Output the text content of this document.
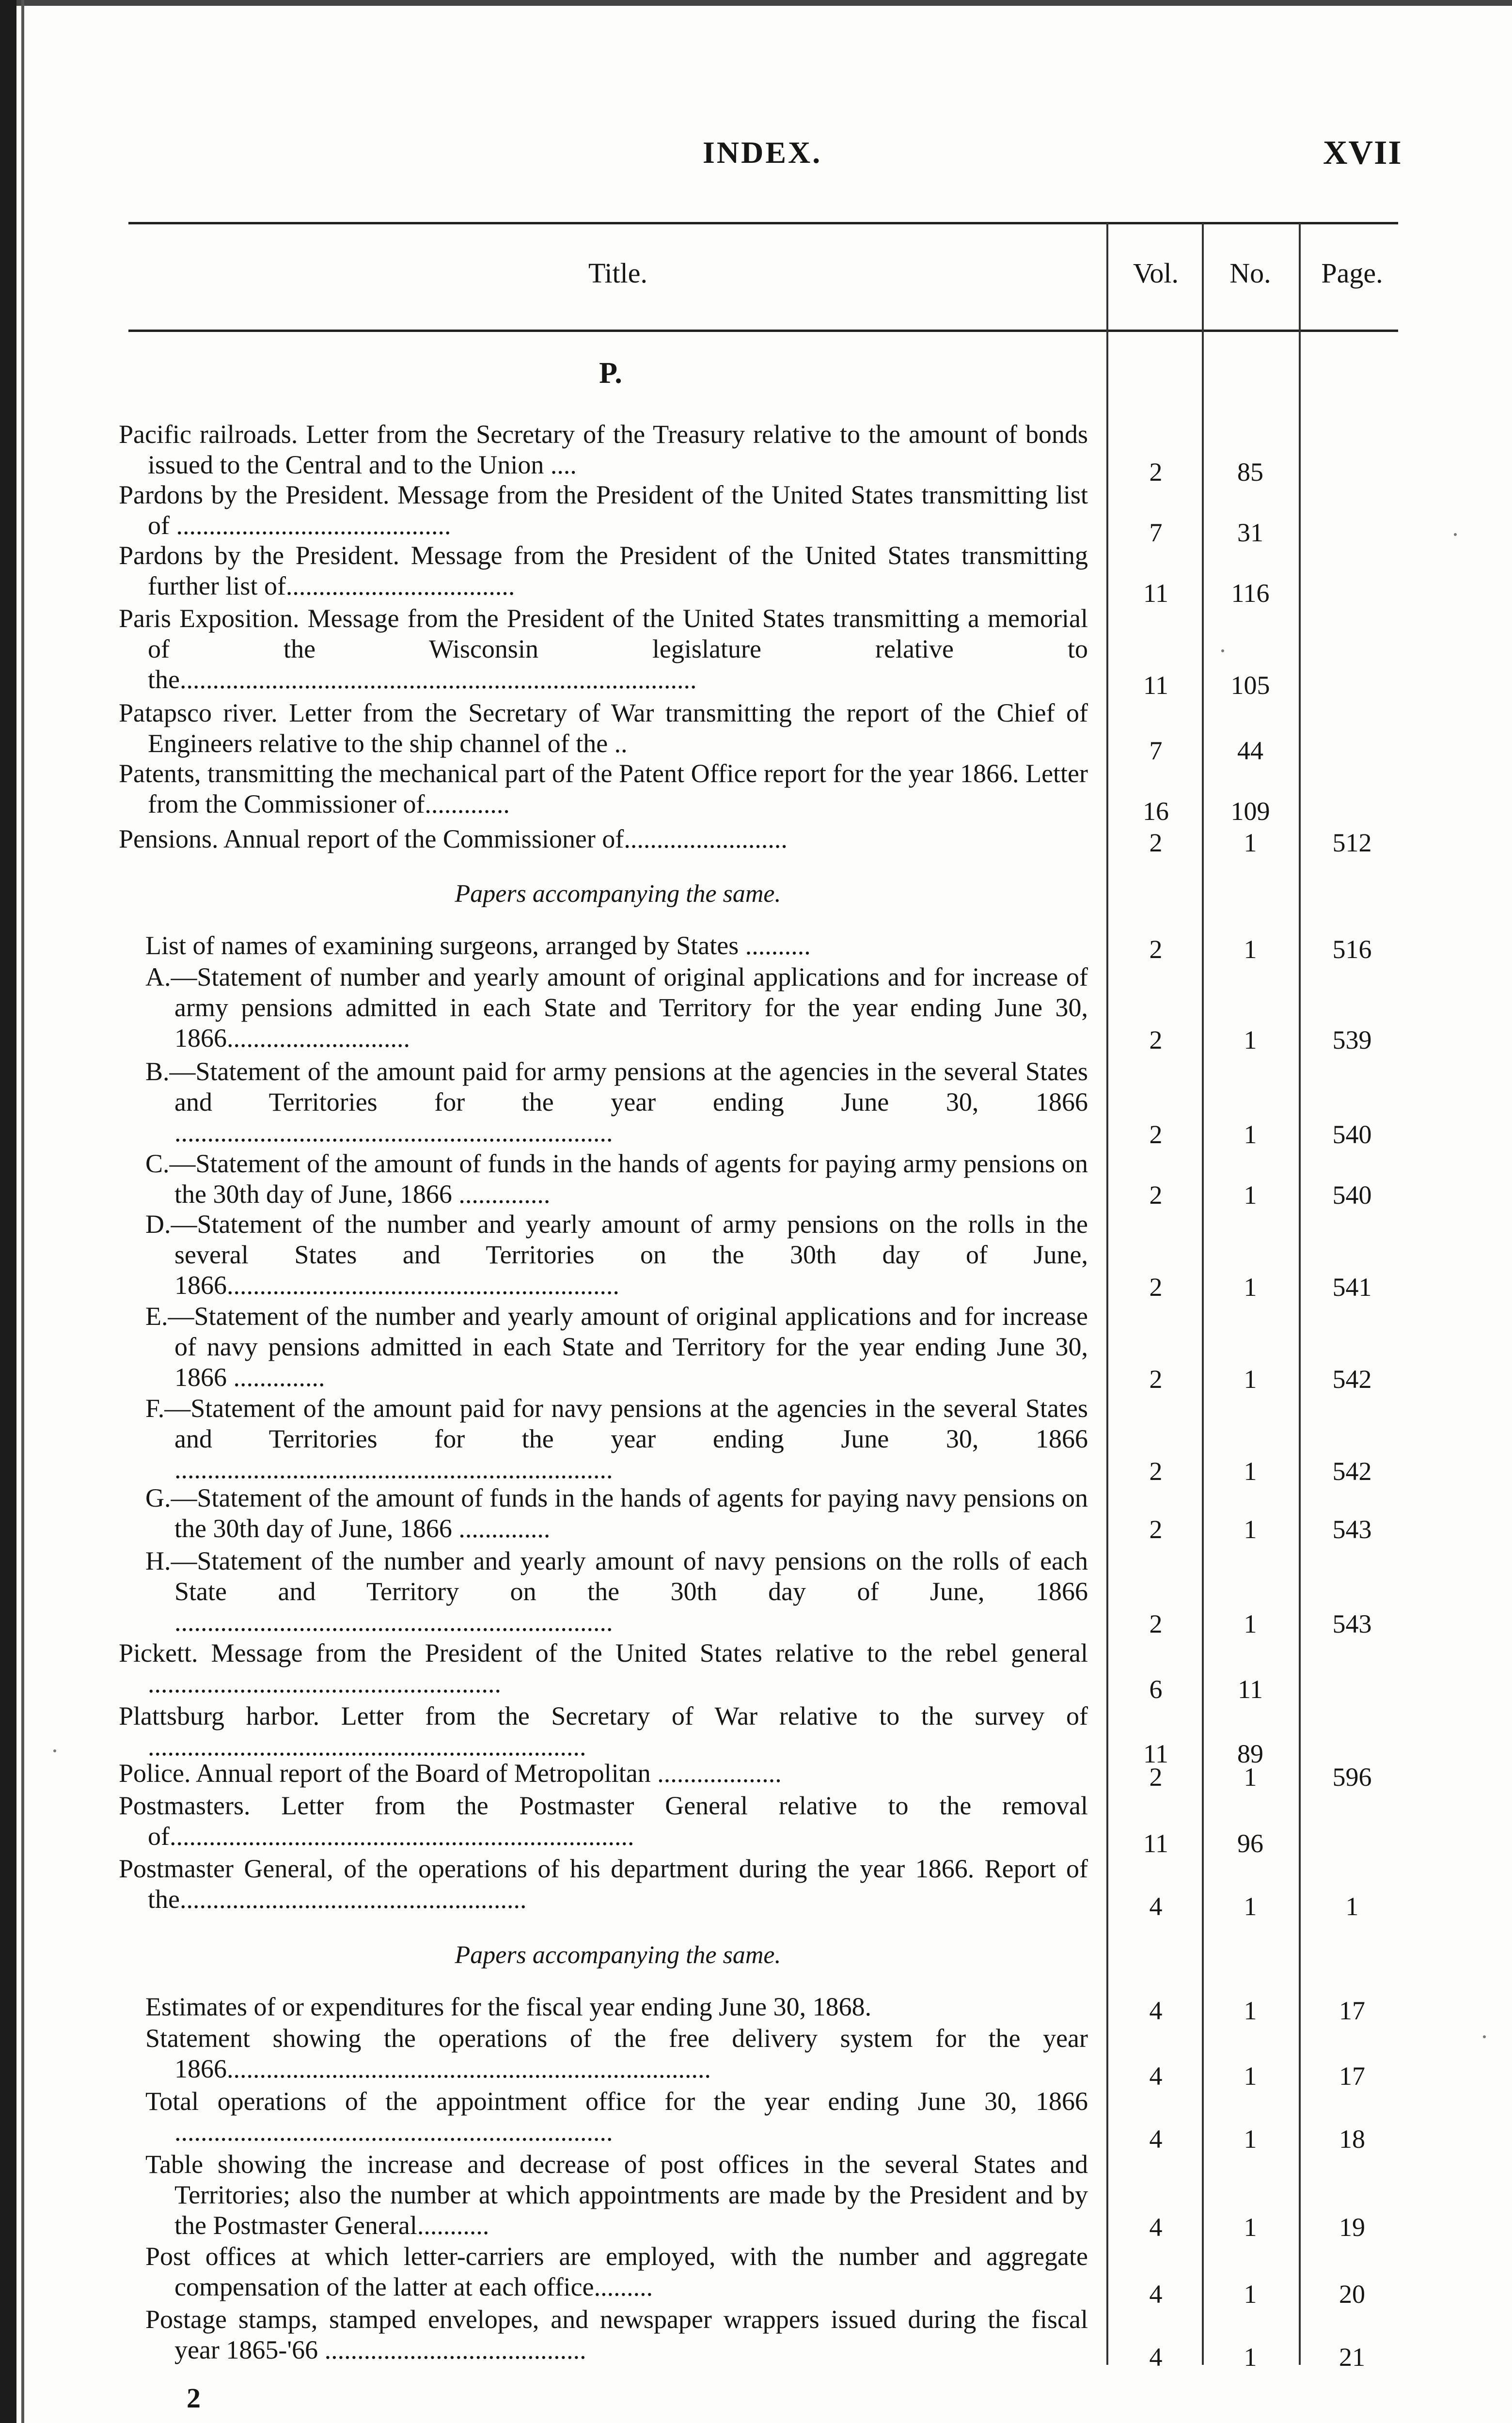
INDEX.	XVII
Title.	Vol.	No.	Page.
P.
Papers accompanying the same.
Papers accompanying the same.
Pacific railroads. Letter from the Secretary of the Treasury relative to the amount of bonds issued to the Central and to the Union ....	2	85
Pardons by the President. Message from the President of the United States transmitting list of ..........................................	7	31
Pardons by the President. Message from the President of the United States transmitting further list of...................................	11	116
Paris Exposition. Message from the President of the United States transmitting a memorial of the Wisconsin legislature relative to the...............................................................................	11	105
Patapsco river. Letter from the Secretary of War transmitting the report of the Chief of Engineers relative to the ship channel of the ..	7	44
Patents, transmitting the mechanical part of the Patent Office report for the year 1866. Letter from the Commissioner of.............	16	109
Pensions. Annual report of the Commissioner of.........................	2	1	512
List of names of examining surgeons, arranged by States ..........	2	1	516
A.—Statement of number and yearly amount of original applications and for increase of army pensions admitted in each State and Territory for the year ending June 30, 1866............................	2	1	539
B.—Statement of the amount paid for army pensions at the agencies in the several States and Territories for the year ending June 30, 1866 ...................................................................	2	1	540
C.—Statement of the amount of funds in the hands of agents for paying army pensions on the 30th day of June, 1866 ..............	2	1	540
D.—Statement of the number and yearly amount of army pensions on the rolls in the several States and Territories on the 30th day of June, 1866............................................................	2	1	541
E.—Statement of the number and yearly amount of original applications and for increase of navy pensions admitted in each State and Territory for the year ending June 30, 1866 ..............	2	1	542
F.—Statement of the amount paid for navy pensions at the agencies in the several States and Territories for the year ending June 30, 1866 ...................................................................	2	1	542
G.—Statement of the amount of funds in the hands of agents for paying navy pensions on the 30th day of June, 1866 ..............	2	1	543
H.—Statement of the number and yearly amount of navy pensions on the rolls of each State and Territory on the 30th day of June, 1866 ...................................................................	2	1	543
Pickett. Message from the President of the United States relative to the rebel general ......................................................	6	11
Plattsburg harbor. Letter from the Secretary of War relative to the survey of ...................................................................	11	89
Police. Annual report of the Board of Metropolitan ...................	2	1	596
Postmasters. Letter from the Postmaster General relative to the removal of.......................................................................	11	96
Postmaster General, of the operations of his department during the year 1866. Report of the.....................................................	4	1	1
Estimates of or expenditures for the fiscal year ending June 30, 1868.	4	1	17
Statement showing the operations of the free delivery system for the year 1866..........................................................................	4	1	17
Total operations of the appointment office for the year ending June 30, 1866 ...................................................................	4	1	18
Table showing the increase and decrease of post offices in the several States and Territories; also the number at which appointments are made by the President and by the Postmaster General...........	4	1	19
Post offices at which letter-carriers are employed, with the number and aggregate compensation of the latter at each office.........	4	1	20
Postage stamps, stamped envelopes, and newspaper wrappers issued during the fiscal year 1865-'66 ........................................	4	1	21
2
